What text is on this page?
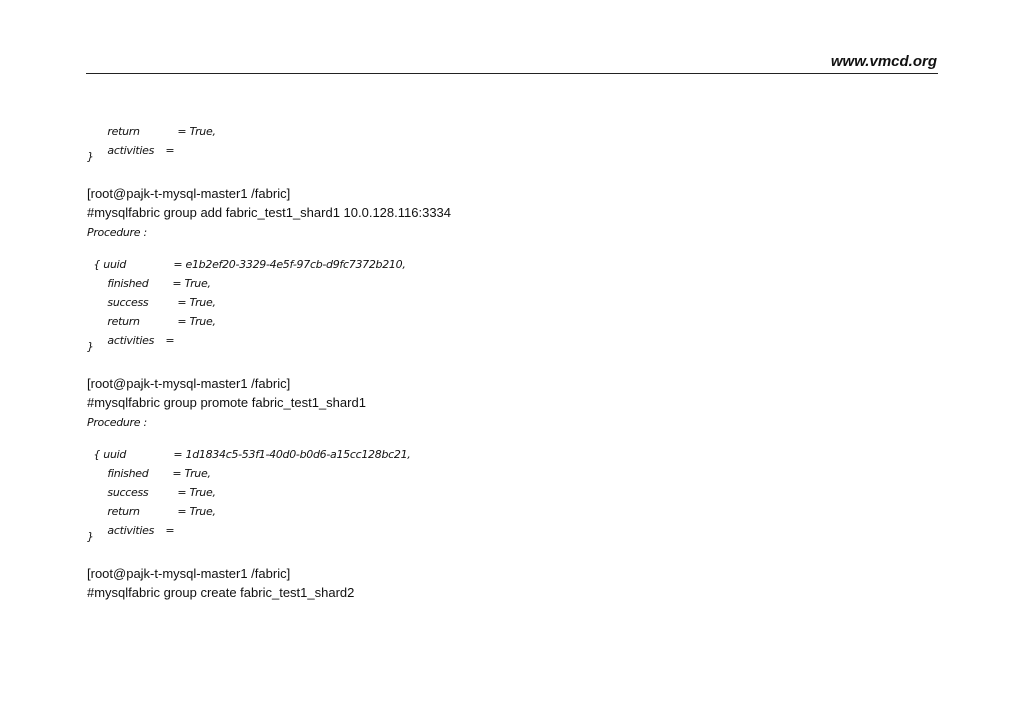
www.vmcd.org

return	= True,

activities =

}
[root@pajk-t-mysql-master1 /fabric]
#mysqlfabric group add fabric_test1_shard1 10.0.128.116:3334
Procedure :

{ uuid	= e1b2ef20-3329-4e5f-97cb-d9fc7372b210,

finished = True,

success	= True,

return	= True,

activities =

}
[root@pajk-t-mysql-master1 /fabric]
#mysqlfabric group promote fabric_test1_shard1
Procedure :

{ uuid	= 1d1834c5-53f1-40d0-b0d6-a15cc128bc21,

finished = True,

success	= True,

return	= True,

activities =

}
[root@pajk-t-mysql-master1 /fabric]
#mysqlfabric group create fabric_test1_shard2
